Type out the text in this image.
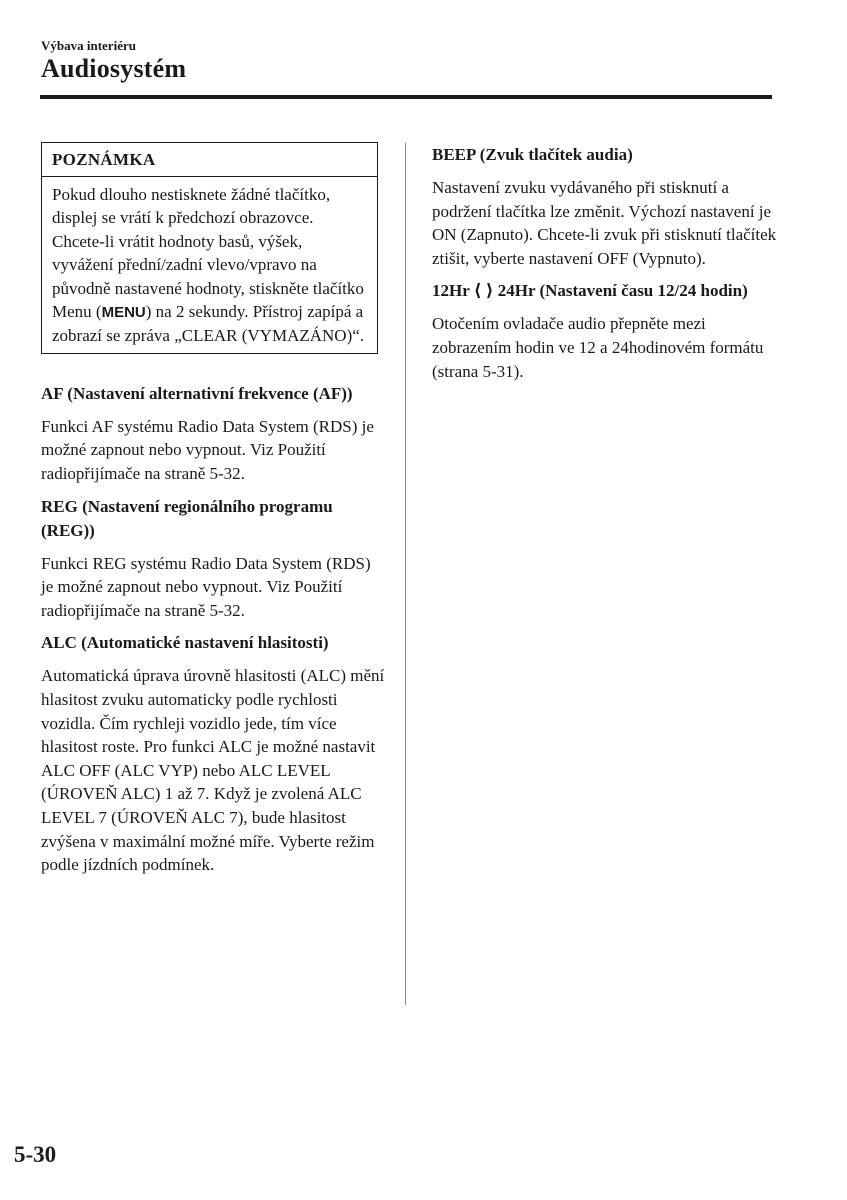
Výbava interiéru
Audiosystém
POZNÁMKA
Pokud dlouho nestisknete žádné tlačítko, displej se vrátí k předchozí obrazovce. Chcete-li vrátit hodnoty basů, výšek, vyvážení přední/zadní vlevo/vpravo na původně nastavené hodnoty, stiskněte tlačítko Menu (MENU) na 2 sekundy. Přístroj zapípá a zobrazí se zpráva „CLEAR (VYMAZÁNO)“.
AF (Nastavení alternativní frekvence (AF))
Funkci AF systému Radio Data System (RDS) je možné zapnout nebo vypnout. Viz Použití radiopřijímače na straně 5-32.
REG (Nastavení regionálního programu (REG))
Funkci REG systému Radio Data System (RDS) je možné zapnout nebo vypnout. Viz Použití radiopřijímače na straně 5-32.
ALC (Automatické nastavení hlasitosti)
Automatická úprava úrovně hlasitosti (ALC) mění hlasitost zvuku automaticky podle rychlosti vozidla. Čím rychleji vozidlo jede, tím více hlasitost roste. Pro funkci ALC je možné nastavit ALC OFF (ALC VYP) nebo ALC LEVEL (ÚROVEŇ ALC) 1 až 7. Když je zvolená ALC LEVEL 7 (ÚROVEŇ ALC 7), bude hlasitost zvýšena v maximální možné míře. Vyberte režim podle jízdních podmínek.
BEEP (Zvuk tlačítek audia)
Nastavení zvuku vydávaného při stisknutí a podržení tlačítka lze změnit. Výchozí nastavení je ON (Zapnuto). Chcete-li zvuk při stisknutí tlačítek ztišit, vyberte nastavení OFF (Vypnuto).
12Hr ⟨ ⟩ 24Hr (Nastavení času 12/24 hodin)
Otočením ovladače audio přepněte mezi zobrazením hodin ve 12 a 24hodinovém formátu (strana 5-31).
5-30
